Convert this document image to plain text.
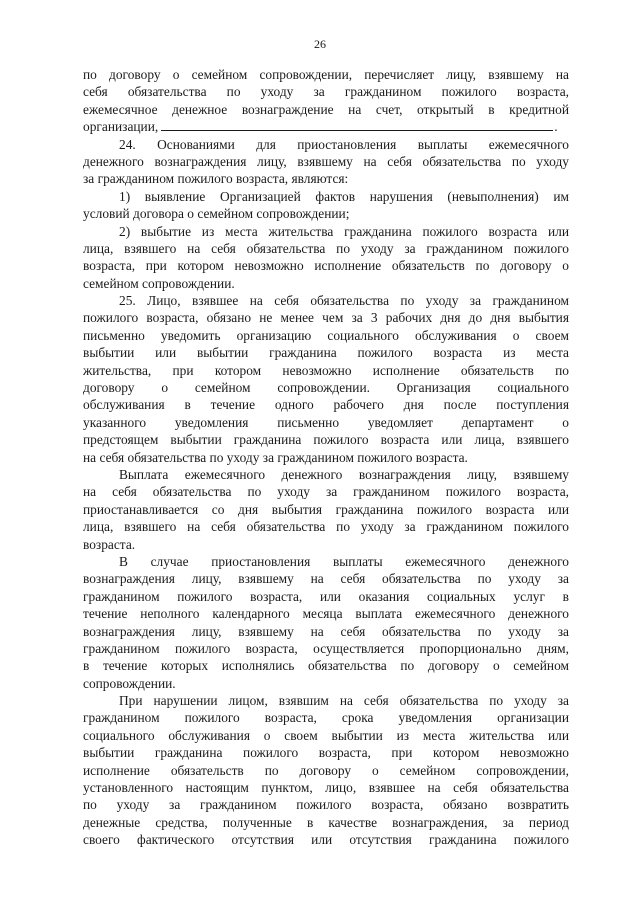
26
по договору о семейном сопровождении, перечисляет лицу, взявшему на
себя обязательства по уходу за гражданином пожилого возраста,
ежемесячное денежное вознаграждение на счет, открытый в кредитной
организации,	.
24. Основаниями для приостановления выплаты ежемесячного
денежного вознаграждения лицу, взявшему на себя обязательства по уходу
за гражданином пожилого возраста, являются:
1) выявление Организацией фактов нарушения (невыполнения) им
условий договора о семейном сопровождении;
2) выбытие из места жительства гражданина пожилого возраста или
лица, взявшего на себя обязательства по уходу за гражданином пожилого
возраста, при котором невозможно исполнение обязательств по договору о
семейном сопровождении.
25. Лицо, взявшее на себя обязательства по уходу за гражданином
пожилого возраста, обязано не менее чем за 3 рабочих дня до дня выбытия
письменно уведомить организацию социального обслуживания о своем
выбытии или выбытии гражданина пожилого возраста из места
жительства, при котором невозможно исполнение обязательств по
договору о семейном сопровождении. Организация социального
обслуживания в течение одного рабочего дня после поступления
указанного уведомления письменно уведомляет департамент о
предстоящем выбытии гражданина пожилого возраста или лица, взявшего
на себя обязательства по уходу за гражданином пожилого возраста.
Выплата ежемесячного денежного вознаграждения лицу, взявшему
на себя обязательства по уходу за гражданином пожилого возраста,
приостанавливается со дня выбытия гражданина пожилого возраста или
лица, взявшего на себя обязательства по уходу за гражданином пожилого
возраста.
В случае приостановления выплаты ежемесячного денежного
вознаграждения лицу, взявшему на себя обязательства по уходу за
гражданином пожилого возраста, или оказания социальных услуг в
течение неполного календарного месяца выплата ежемесячного денежного
вознаграждения лицу, взявшему на себя обязательства по уходу за
гражданином пожилого возраста, осуществляется пропорционально дням,
в течение которых исполнялись обязательства по договору о семейном
сопровождении.
При нарушении лицом, взявшим на себя обязательства по уходу за
гражданином пожилого возраста, срока уведомления организации
социального обслуживания о своем выбытии из места жительства или
выбытии гражданина пожилого возраста, при котором невозможно
исполнение обязательств по договору о семейном сопровождении,
установленного настоящим пунктом, лицо, взявшее на себя обязательства
по уходу за гражданином пожилого возраста, обязано возвратить
денежные средства, полученные в качестве вознаграждения, за период
своего фактического отсутствия или отсутствия гражданина пожилого
